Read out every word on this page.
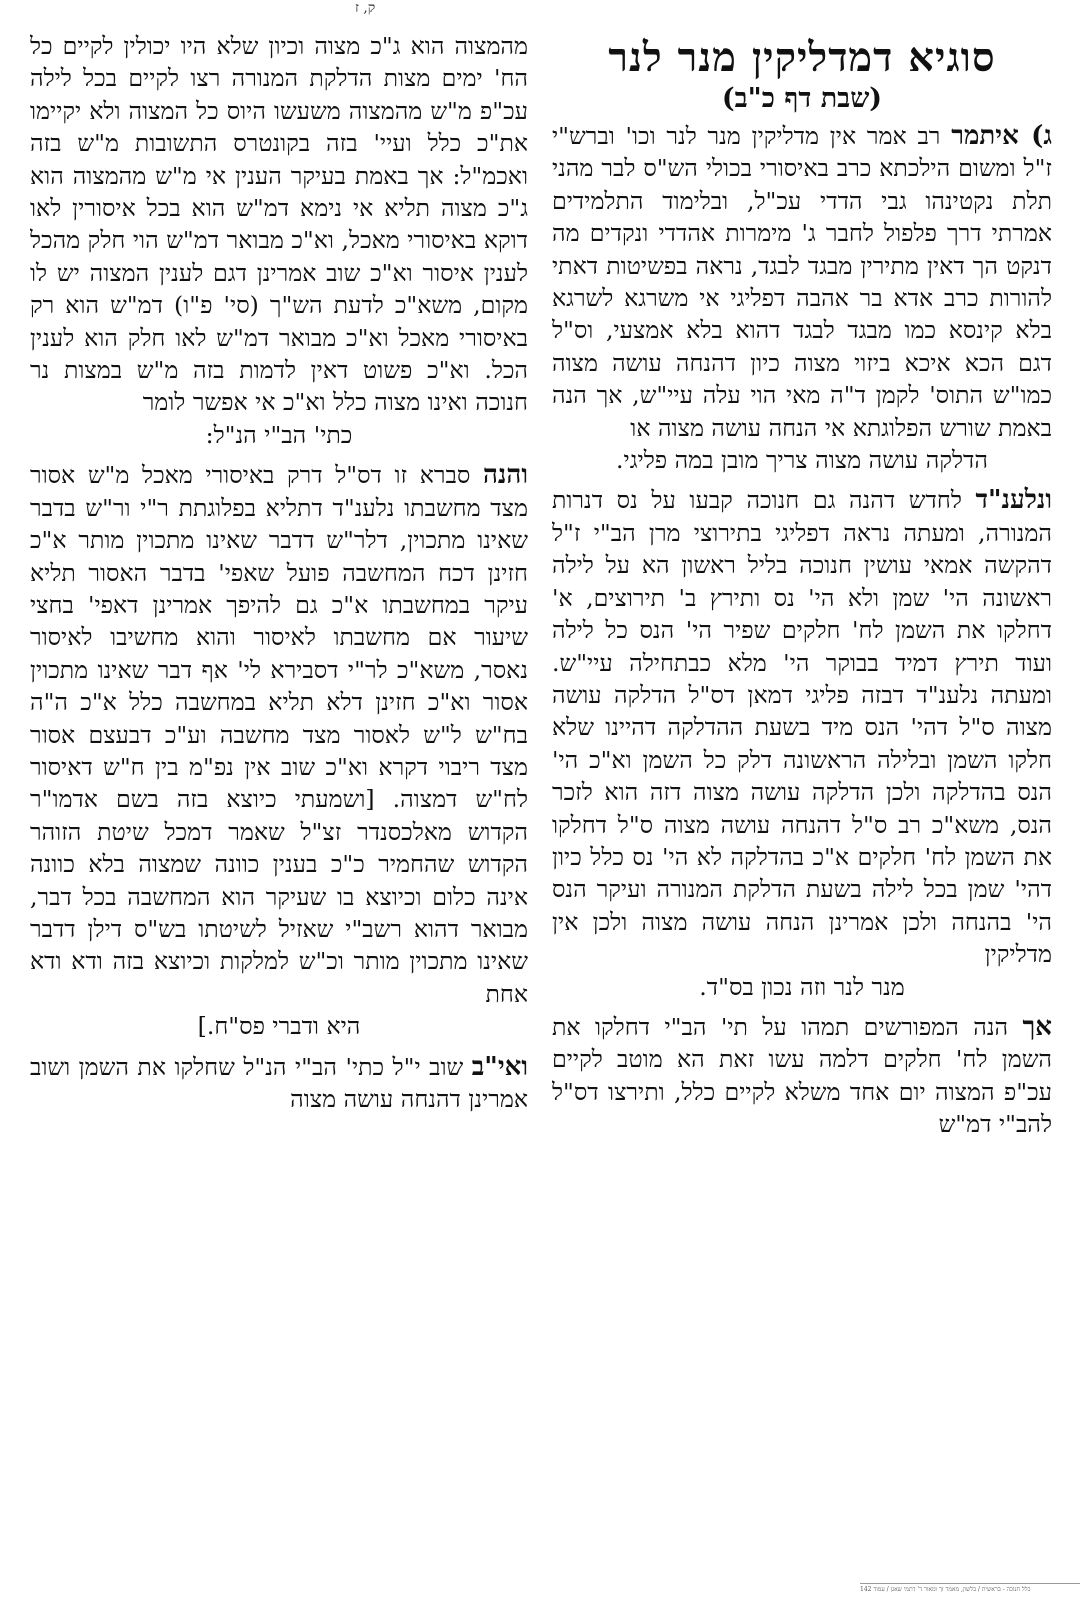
ק, ז
סוגיא דמדליקין מנר לנר
(שבת דף כ"ב)

ג) איתמר רב אמר אין מדליקין מנר לנר וכו' וברש"י ז"ל ומשום הילכתא כרב באיסורי בכולי הש"ס לבר מהני תלת נקטינהו גבי הדדי עכ"ל, ובלימוד התלמידים אמרתי דרך פלפול לחבר ג' מימרות אהדדי ונקדים מה דנקט הך דאין מתירין מבגד לבגד, נראה בפשיטות דאתי להורות כרב אדא בר אהבה דפליגי אי משרגא לשרגא בלא קינסא כמו מבגד לבגד דהוא בלא אמצעי, וס"ל דגם הכא איכא ביזוי מצוה כיון דהנחה עושה מצוה כמו"ש התוס' לקמן ד"ה מאי הוי עלה עיי"ש, אך הנה באמת שורש הפלוגתא אי הנחה עושה מצוה או
הדלקה עושה מצוה צריך מובן במה פליגי.

ונלענ"ד לחדש דהנה גם חנוכה קבעו על נס דנרות המנורה, ומעתה נראה דפליגי בתירוצי מרן הב"י ז"ל דהקשה אמאי עושין חנוכה בליל ראשון הא על לילה ראשונה הי' שמן ולא הי' נס ותירץ ב' תירוצים, א' דחלקו את השמן לח' חלקים שפיר הי' הנס כל לילה ועוד תירץ דמיד בבוקר הי' מלא כבתחילה עיי"ש. ומעתה נלענ"ד דבזה פליגי דמאן דס"ל הדלקה עושה מצוה ס"ל דהי' הנס מיד בשעת ההדלקה דהיינו שלא חלקו השמן ובלילה הראשונה דלק כל השמן וא"כ הי' הנס בהדלקה ולכן הדלקה עושה מצוה דזה הוא לזכר הנס, משא"כ רב ס"ל דהנחה עושה מצוה ס"ל דחלקו את השמן לח' חלקים א"כ בהדלקה לא הי' נס כלל כיון דהי' שמן בכל לילה בשעת הדלקת המנורה ועיקר הנס הי' בהנחה ולכן אמרינן הנחה עושה מצוה ולכן אין מדליקין
מנר לנר וזה נכון בס"ד.

אך הנה המפורשים תמהו על תי' הב"י דחלקו את השמן לח' חלקים דלמה עשו זאת הא מוטב לקיים עכ"פ המצוה יום אחד משלא לקיים כלל, ותירצו דס"ל להב"י דמ"ש

מהמצוה הוא ג"כ מצוה וכיון שלא היו יכולין לקיים כל הח' ימים מצות הדלקת המנורה רצו לקיים בכל לילה עכ"פ מ"ש מהמצוה משעשו היוס כל המצוה ולא יקיימו את"כ כלל ועיי' בזה בקונטרס התשובות מ"ש בזה ואכמ"ל: אך באמת בעיקר הענין אי מ"ש מהמצוה הוא ג"כ מצוה תליא אי נימא דמ"ש הוא בכל איסורין לאו דוקא באיסורי מאכל, וא"כ מבואר דמ"ש הוי חלק מהכל לענין איסור וא"כ שוב אמרינן דגם לענין המצוה יש לו מקום, משא"כ לדעת הש"ך (סי' פ"ו) דמ"ש הוא רק באיסורי מאכל וא"כ מבואר דמ"ש לאו חלק הוא לענין הכל. וא"כ פשוט דאין לדמות בזה מ"ש במצות נר חנוכה ואינו מצוה כלל וא"כ אי אפשר לומר
כתי' הב"י הנ"ל:

והנה סברא זו דס"ל דרק באיסורי מאכל מ"ש אסור מצד מחשבתו נלענ"ד דתליא בפלוגתת ר"י ור"ש בדבר שאינו מתכוין, דלר"ש דדבר שאינו מתכוין מותר א"כ חזינן דכח המחשבה פועל שאפי' בדבר האסור תליא עיקר במחשבתו א"כ גם להיפך אמרינן דאפי' בחצי שיעור אם מחשבתו לאיסור והוא מחשיבו לאיסור נאסר, משא"כ לר"י דסבירא לי' אף דבר שאינו מתכוין אסור וא"כ חזינן דלא תליא במחשבה כלל א"כ ה"ה בח"ש ל"ש לאסור מצד מחשבה וע"כ דבעצם אסור מצד ריבוי דקרא וא"כ שוב אין נפ"מ בין ח"ש דאיסור לח"ש דמצוה. [ושמעתי כיוצא בזה בשם אדמו"ר הקדוש מאלכסנדר זצ"ל שאמר דמכל שיטת הזוהר הקדוש שהחמיר כ"כ בענין כוונה שמצוה בלא כוונה אינה כלום וכיוצא בו שעיקר הוא המחשבה בכל דבר, מבואר דהוא רשב"י שאזיל לשיטתו בש"ס דילן דדבר שאינו מתכוין מותר וכ"ש למלקות וכיוצא בזה ודא ודא אחת
היא ודברי פס"ח.]

ואי"ב שוב י"ל כתי' הב"י הנ"ל שחלקו את השמן ושוב אמרינן דהנחה עושה מצוה

כלל חנוכה - בראשית / בלשון, מאמר זך ומאור ד' דתמי שאגן / עמוד 142
